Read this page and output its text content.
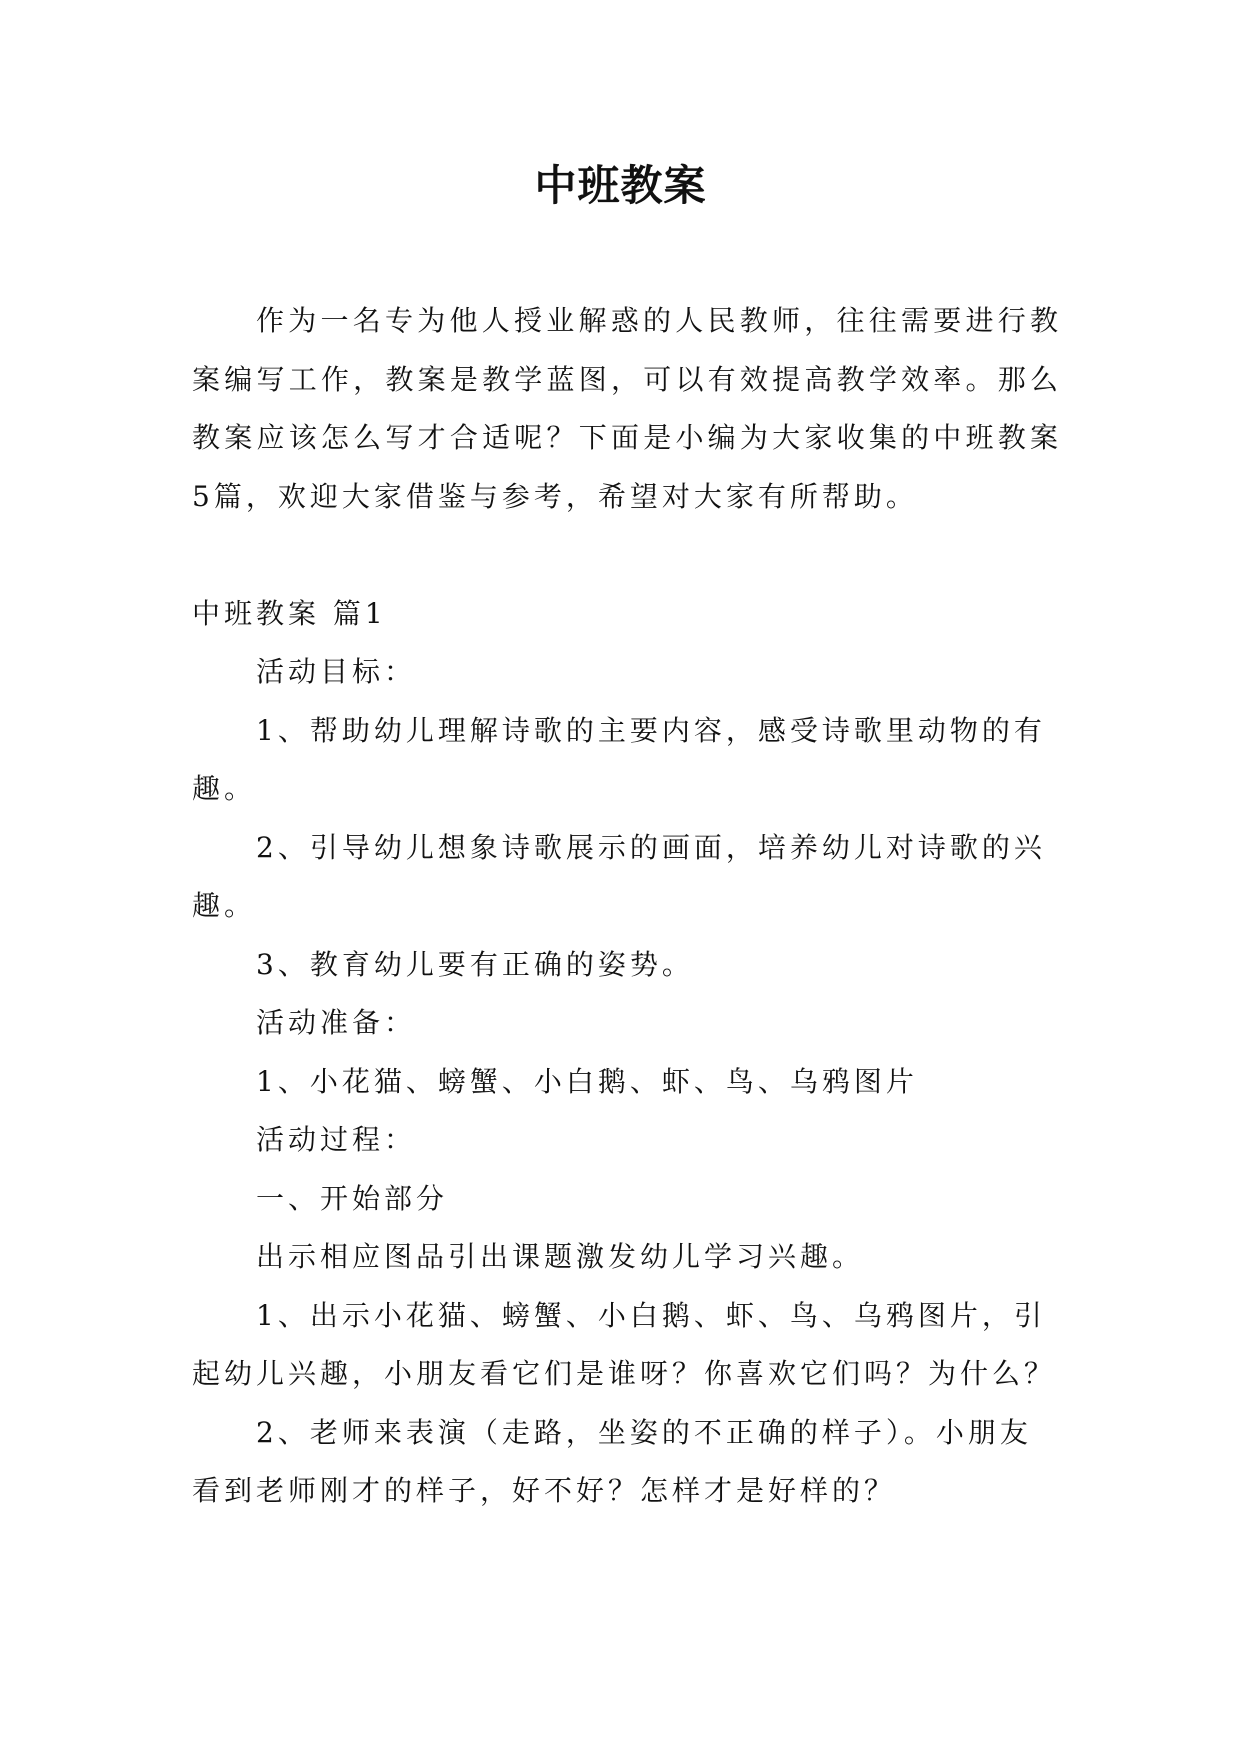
中班教案

作为一名专为他人授业解惑的人民教师，往往需要进行教案编写工作，教案是教学蓝图，可以有效提高教学效率。那么教案应该怎么写才合适呢？下面是小编为大家收集的中班教案5篇，欢迎大家借鉴与参考，希望对大家有所帮助。

中班教案 篇1

活动目标：

1、帮助幼儿理解诗歌的主要内容，感受诗歌里动物的有趣。

2、引导幼儿想象诗歌展示的画面，培养幼儿对诗歌的兴趣。

3、教育幼儿要有正确的姿势。

活动准备：

1、小花猫、螃蟹、小白鹅、虾、鸟、乌鸦图片

活动过程：

一、开始部分

出示相应图品引出课题激发幼儿学习兴趣。

1、出示小花猫、螃蟹、小白鹅、虾、鸟、乌鸦图片，引起幼儿兴趣，小朋友看它们是谁呀？你喜欢它们吗？为什么？

2、老师来表演（走路，坐姿的不正确的样子）。小朋友看到老师刚才的样子，好不好？怎样才是好样的？
